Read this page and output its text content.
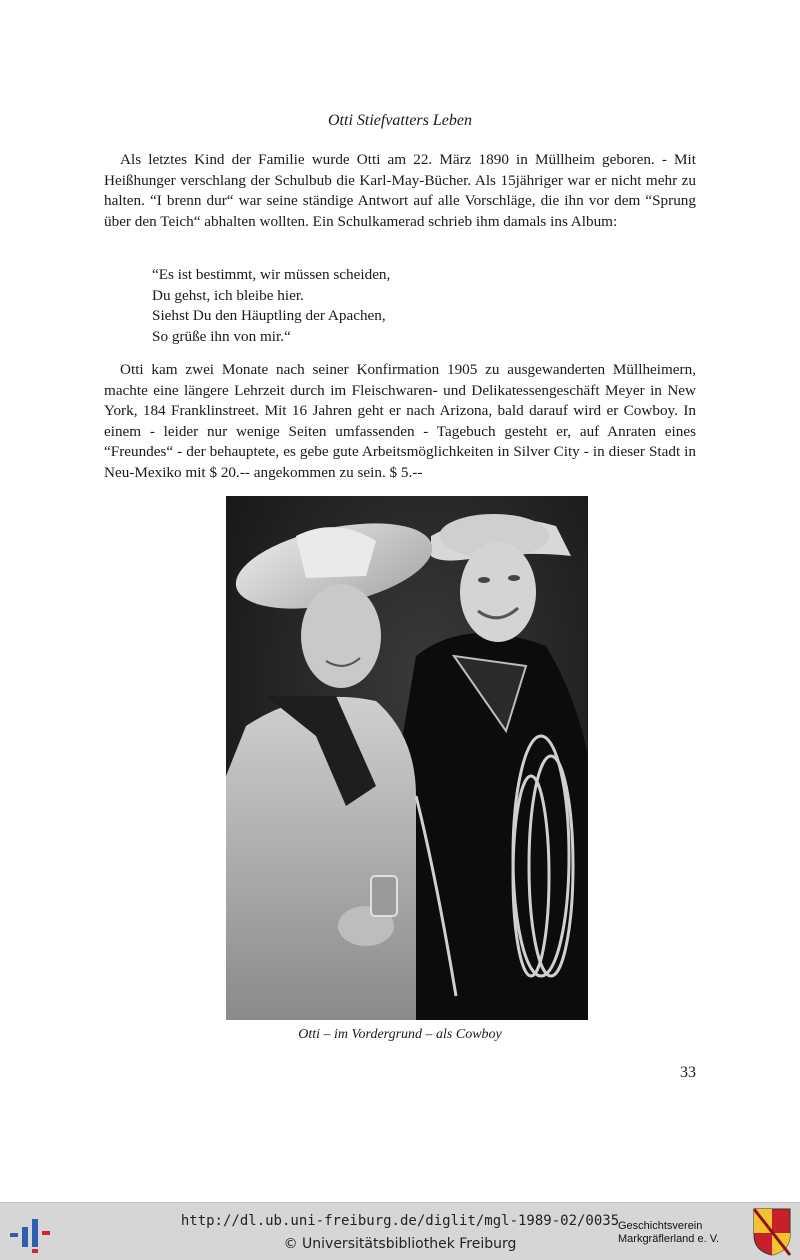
Otti Stiefvatters Leben

Als letztes Kind der Familie wurde Otti am 22. März 1890 in Müllheim geboren. - Mit Heißhunger verschlang der Schulbub die Karl-May-Bücher. Als 15jähriger war er nicht mehr zu halten. “I brenn dur“ war seine ständige Antwort auf alle Vorschläge, die ihn vor dem “Sprung über den Teich“ abhalten wollten. Ein Schulkamerad schrieb ihm damals ins Album:

“Es ist bestimmt, wir müssen scheiden,
Du gehst, ich bleibe hier.
Siehst Du den Häuptling der Apachen,
So grüße ihn von mir.“

Otti kam zwei Monate nach seiner Konfirmation 1905 zu ausgewanderten Müllheimern, machte eine längere Lehrzeit durch im Fleischwaren- und Delikatessengeschäft Meyer in New York, 184 Franklinstreet. Mit 16 Jahren geht er nach Arizona, bald darauf wird er Cowboy. In einem - leider nur wenige Seiten umfassenden - Tagebuch gesteht er, auf Anraten eines “Freundes“ - der behauptete, es gebe gute Arbeitsmöglichkeiten in Silver City - in dieser Stadt in Neu-Mexiko mit $ 20.-- angekommen zu sein. $ 5.--

Otti – im Vordergrund – als Cowboy
33
http://dl.ub.uni-freiburg.de/diglit/mgl-1989-02/0035
© Universitätsbibliothek Freiburg
Geschichtsverein
Markgräflerland e. V.
